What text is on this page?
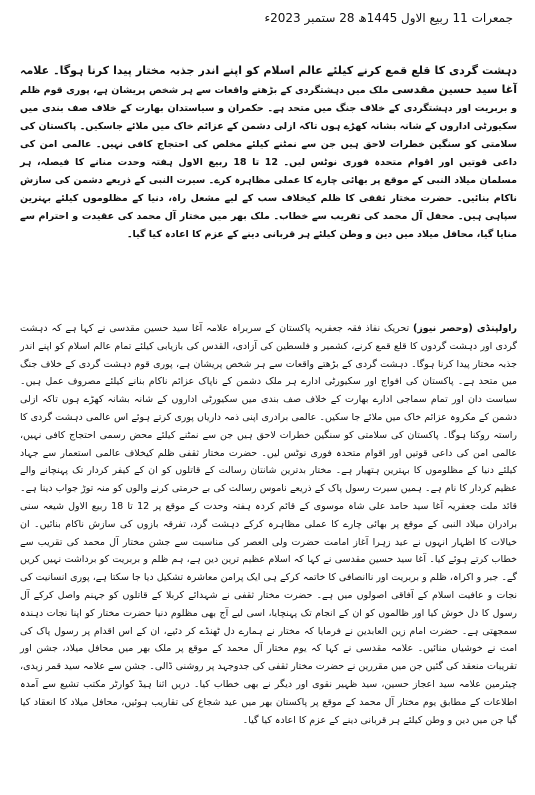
جمعرات 11 ربیع الاول 1445ھ 28 ستمبر 2023ء

دہشت گردی کا قلع قمع کرنے کیلئے عالم اسلام کو اپنے اندر جذبہ مختار پیدا کرنا ہوگا۔ علامہ آغا سید حسین مقدسی ملک میں دہشتگردی کے بڑھتے واقعات سے ہر شخص پریشان ہے، پوری قوم ظلم و بربریت اور دہشتگردی کے خلاف جنگ میں متحد ہے۔ حکمران و سیاستدان بھارت کے خلاف صف بندی میں سکیورٹی اداروں کے شانہ بشانہ کھڑے ہوں تاکہ ازلی دشمن کے عزائم خاک میں ملائے جاسکیں۔ پاکستان کی سلامتی کو سنگین خطرات لاحق ہیں جن سے نمٹنے کیلئے مخلص کی احتجاج کافی نہیں۔ عالمی امن کی داعی قوتیں اور اقوام متحدہ فوری نوٹس لیں۔ 12 تا 18 ربیع الاول ہفتہ وحدت منانے کا فیصلہ، ہر مسلمان میلاد النبی کے موقع پر بھائی چارے کا عملی مظاہرہ کرے۔ سیرت النبی کے ذریعے دشمن کی سازش ناکام بنائیں۔ حضرت مختار ثقفی کا ظلم کیخلاف سب کے لیے مشعل راہ، دنیا کے مظلوموں کیلئے بہترین سپاہی ہیں۔ محفل آل محمد کی تقریب سے خطاب۔ ملک بھر میں مختار آل محمد کی عقیدت و احترام سے منایا گیا، محافل میلاد میں دین و وطن کیلئے ہر قربانی دینے کے عزم کا اعادہ کیا گیا۔

راولپنڈی (وحصر نیوز) تحریک نفاذ فقہ جعفریہ پاکستان کے سربراہ علامہ آغا سید حسین مقدسی نے کہا ہے کہ دہشت گردی اور دہشت گردوں کا قلع قمع کرنے، کشمیر و فلسطین کی آزادی، القدس کی بازیابی کیلئے تمام عالم اسلام کو اپنے اندر جذبہ مختار پیدا کرنا ہوگا۔ دہشت گردی کے بڑھتے واقعات سے ہر شخص پریشان ہے، پوری قوم دہشت گردی کے خلاف جنگ میں متحد ہے۔ پاکستان کی افواج اور سکیورٹی ادارے ہر ملک دشمن کے ناپاک عزائم ناکام بنانے کیلئے مصروف عمل ہیں۔ سیاست دان اور تمام سماجی ادارے بھارت کے خلاف صف بندی میں سکیورٹی اداروں کے شانہ بشانہ کھڑے ہوں تاکہ ازلی دشمن کے مکروہ عزائم خاک میں ملائے جا سکیں۔ عالمی برادری اپنی ذمہ داریاں پوری کرتے ہوئے اس عالمی دہشت گردی کا راستہ روکنا ہوگا۔ پاکستان کی سلامتی کو سنگین خطرات لاحق ہیں جن سے نمٹنے کیلئے محض رسمی احتجاج کافی نہیں، عالمی امن کی داعی قوتیں اور اقوام متحدہ فوری نوٹس لیں۔ حضرت مختار ثقفی ظلم کیخلاف عالمی استعمار سے جہاد کیلئے دنیا کے مظلوموں کا بہترین ہتھیار ہے۔ مختار بدترین شانتان رسالت کے قاتلوں کو ان کے کیفر کردار تک پہنچانے والے عظیم کردار کا نام ہے۔ ہمیں سیرت رسول پاک کے ذریعے ناموس رسالت کی بے حرمتی کرنے والوں کو منہ توڑ جواب دینا ہے۔ قائد ملت جعفریہ آغا سید حامد علی شاہ موسوی کے قائم کردہ ہفتہ وحدت کے موقع پر 12 تا 18 ربیع الاول شیعہ سنی برادران میلاد النبی کے موقع پر بھائی چارے کا عملی مظاہرہ کرکے دہشت گرد، تفرقہ بازوں کی سازش ناکام بنائیں۔ ان خیالات کا اظہار انہوں نے عید زہرا آغاز امامت حضرت ولی العصر کی مناسبت سے جشن مختار آل محمد کی تقریب سے خطاب کرتے ہوئے کیا۔ آغا سید حسین مقدسی نے کہا کہ اسلام عظیم ترین دین ہے، ہم ظلم و بربریت کو برداشت نہیں کریں گے۔ جبر و اکراہ، ظلم و بربریت اور ناانصافی کا خاتمہ کرکے ہی ایک پرامن معاشرہ تشکیل دیا جا سکتا ہے، پوری انسانیت کی نجات و عافیت اسلام کے آفاقی اصولوں میں ہے۔ حضرت مختار ثقفی نے شہدائے کربلا کے قاتلوں کو جہنم واصل کرکے آل رسول کا دل خوش کیا اور ظالموں کو ان کے انجام تک پہنچایا، اسی لیے آج بھی مظلوم دنیا حضرت مختار کو اپنا نجات دہندہ سمجھتی ہے۔ حضرت امام زین العابدین نے فرمایا کہ مختار نے ہمارے دل ٹھنڈے کر دئیے، ان کے اس اقدام پر رسول پاک کی امت نے خوشیاں منائیں۔ علامہ مقدسی نے کہا کہ یوم مختار آل محمد کے موقع پر ملک بھر میں محافل میلاد، جشن اور تقریبات منعقد کی گئیں جن میں مقررین نے حضرت مختار ثقفی کی جدوجہد پر روشنی ڈالی۔ جشن سے علامہ سید قمر زیدی، چیئرمین علامہ سید اعجاز حسین، سید ظہیر نقوی اور دیگر نے بھی خطاب کیا۔ دریں اثنا ہیڈ کوارٹر مکتب تشیع سے آمدہ اطلاعات کے مطابق یوم مختار آل محمد کے موقع پر پاکستان بھر میں عید شجاع کی تقاریب ہوئیں، محافل میلاد کا انعقاد کیا گیا جن میں دین و وطن کیلئے ہر قربانی دینے کے عزم کا اعادہ کیا گیا۔
